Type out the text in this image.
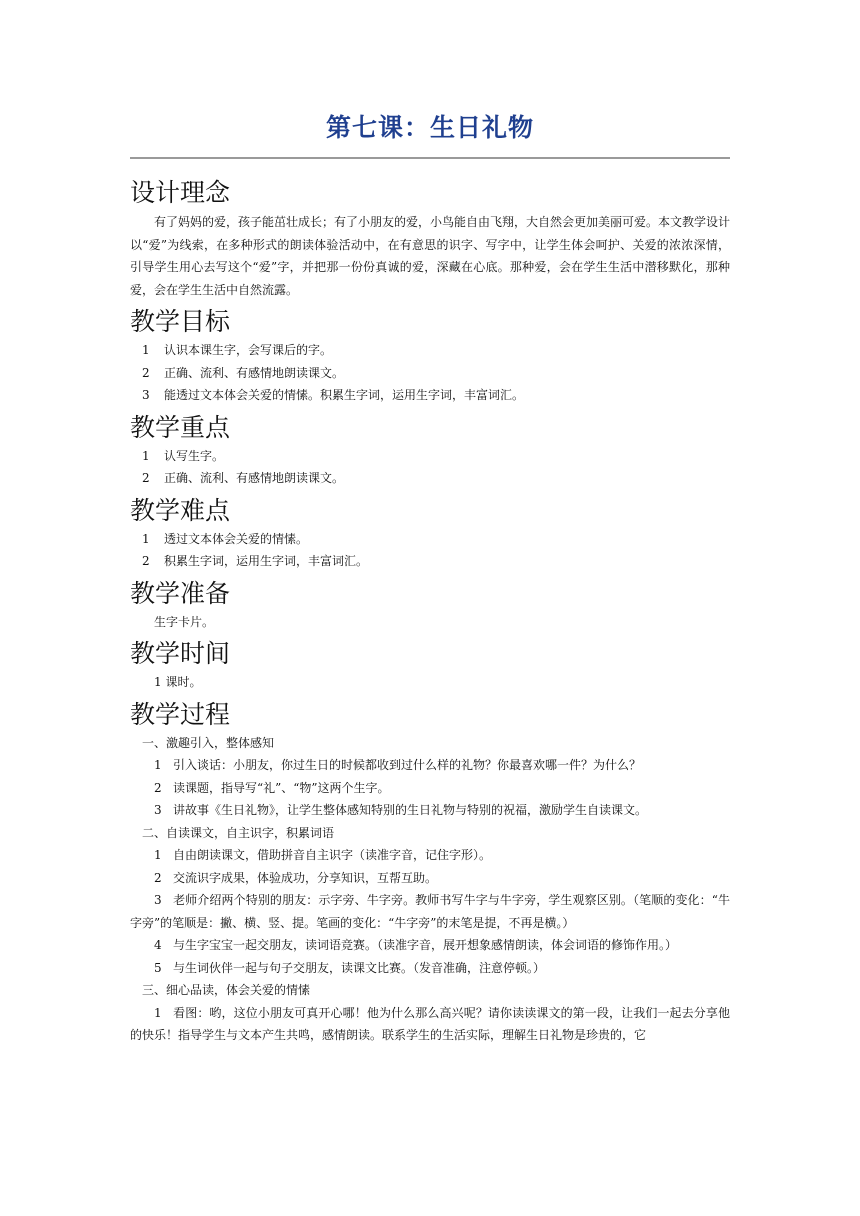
第七课：生日礼物
设计理念
有了妈妈的爱，孩子能茁壮成长；有了小朋友的爱，小鸟能自由飞翔，大自然会更加美丽可爱。本文教学设计以“爱”为线索，在多种形式的朗读体验活动中，在有意思的识字、写字中，让学生体会呵护、关爱的浓浓深情，引导学生用心去写这个“爱”字，并把那一份份真诚的爱，深藏在心底。那种爱，会在学生生活中潜移默化，那种爱，会在学生生活中自然流露。
教学目标
1 认识本课生字，会写课后的字。
2 正确、流利、有感情地朗读课文。
3 能透过文本体会关爱的情愫。积累生字词，运用生字词，丰富词汇。
教学重点
1 认写生字。
2 正确、流利、有感情地朗读课文。
教学难点
1 透过文本体会关爱的情愫。
2 积累生字词，运用生字词，丰富词汇。
教学准备
生字卡片。
教学时间
1 课时。
教学过程
一、激趣引入，整体感知
1 引入谈话：小朋友，你过生日的时候都收到过什么样的礼物？你最喜欢哪一件？为什么？
2 读课题，指导写“礼”、“物”这两个生字。
3 讲故事《生日礼物》，让学生整体感知特别的生日礼物与特别的祝福，激励学生自读课文。
二、自读课文，自主识字，积累词语
1 自由朗读课文，借助拼音自主识字（读准字音，记住字形）。
2 交流识字成果，体验成功，分享知识，互帮互助。
3 老师介绍两个特别的朋友：示字旁、牛字旁。教师书写牛字与牛字旁，学生观察区别。（笔顺的变化：“牛字旁”的笔顺是：撇、横、竖、提。笔画的变化：“牛字旁”的末笔是提，不再是横。）
4 与生字宝宝一起交朋友，读词语竞赛。（读准字音，展开想象感情朗读，体会词语的修饰作用。）
5 与生词伙伴一起与句子交朋友，读课文比赛。（发音准确，注意停顿。）
三、细心品读，体会关爱的情愫
1 看图：哟，这位小朋友可真开心哪！他为什么那么高兴呢？请你读读课文的第一段，让我们一起去分享他的快乐！指导学生与文本产生共鸣，感情朗读。联系学生的生活实际，理解生日礼物是珍贵的，它
